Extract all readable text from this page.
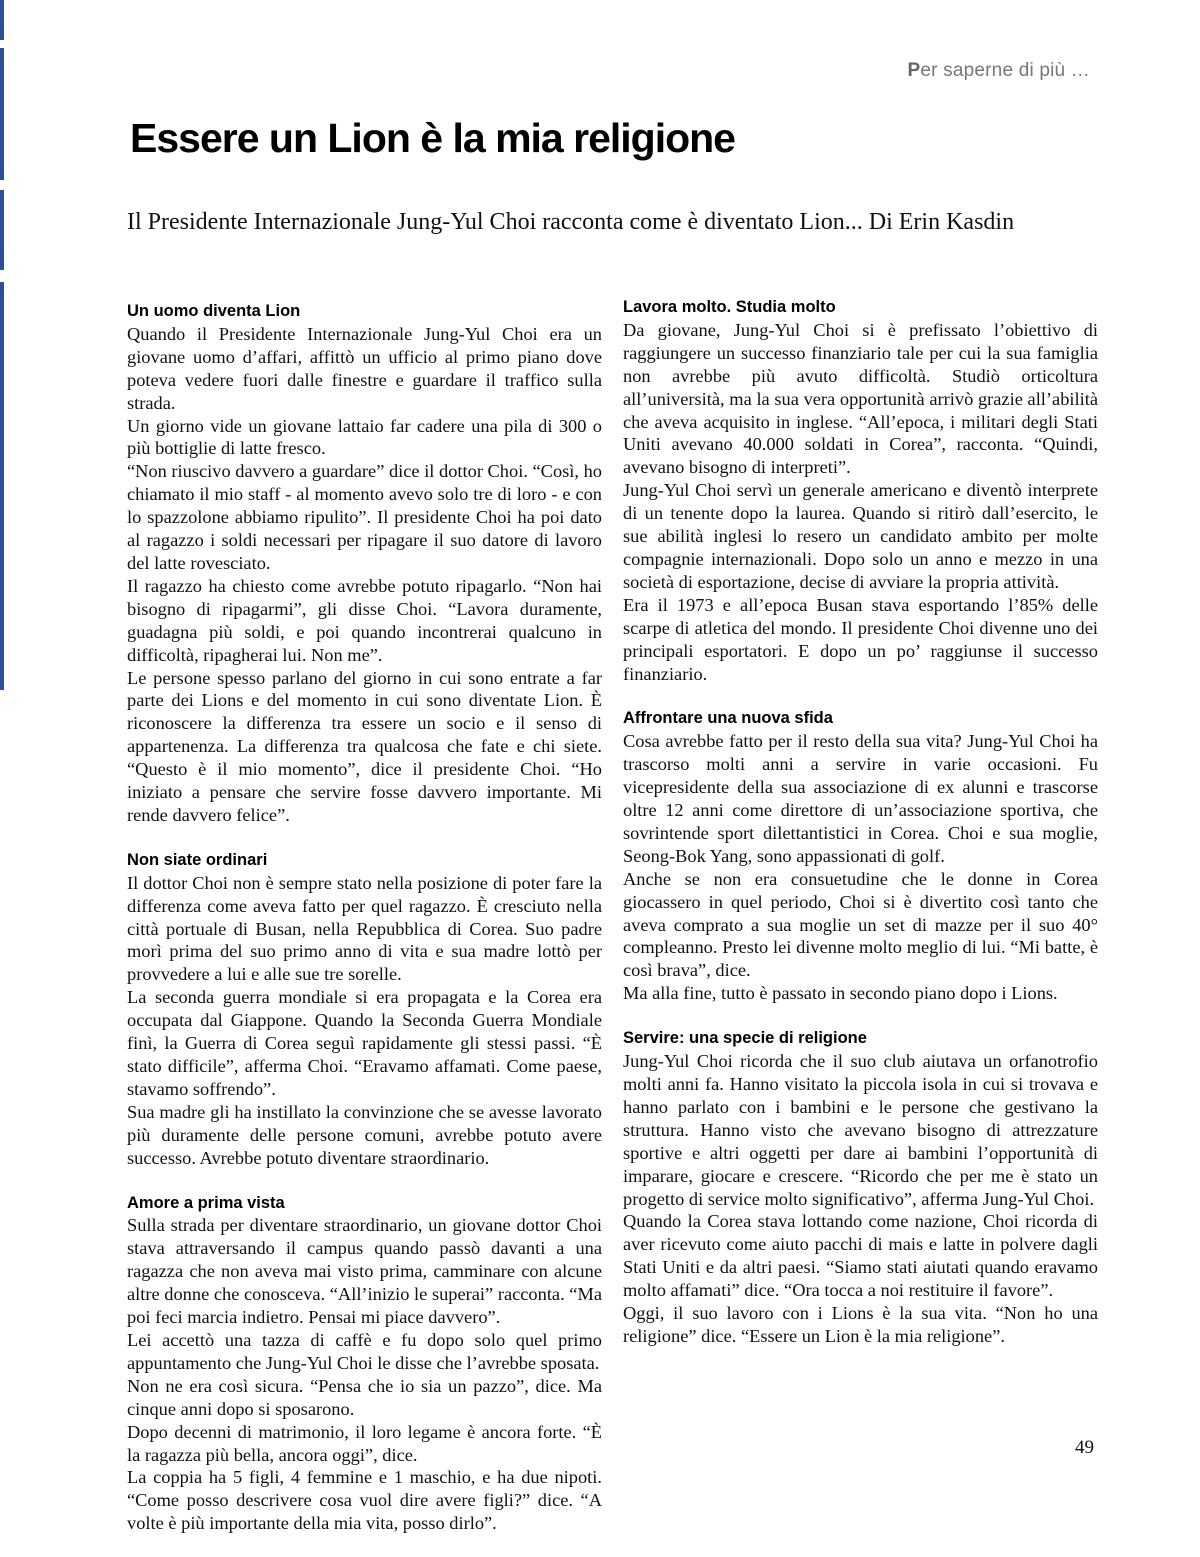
Per saperne di più …
Essere un Lion è la mia religione
Il Presidente Internazionale Jung-Yul Choi racconta come è diventato Lion... Di Erin Kasdin
Un uomo diventa Lion

Quando il Presidente Internazionale Jung-Yul Choi era un giovane uomo d’affari, affittò un ufficio al primo piano dove poteva vedere fuori dalle finestre e guardare il traffico sulla strada.

Un giorno vide un giovane lattaio far cadere una pila di 300 o più bottiglie di latte fresco.

“Non riuscivo davvero a guardare” dice il dottor Choi. “Così, ho chiamato il mio staff - al momento avevo solo tre di loro - e con lo spazzolone abbiamo ripulito”. Il presidente Choi ha poi dato al ragazzo i soldi necessari per ripagare il suo datore di lavoro del latte rovesciato.

Il ragazzo ha chiesto come avrebbe potuto ripagarlo. “Non hai bisogno di ripagarmi”, gli disse Choi. “Lavora duramente, guadagna più soldi, e poi quando incontrerai qualcuno in difficoltà, ripagherai lui. Non me”.

Le persone spesso parlano del giorno in cui sono entrate a far parte dei Lions e del momento in cui sono diventate Lion. È riconoscere la differenza tra essere un socio e il senso di appartenenza. La differenza tra qualcosa che fate e chi siete. “Questo è il mio momento”, dice il presidente Choi. “Ho iniziato a pensare che servire fosse davvero importante. Mi rende davvero felice”.

Non siate ordinari

Il dottor Choi non è sempre stato nella posizione di poter fare la differenza come aveva fatto per quel ragazzo. È cresciuto nella città portuale di Busan, nella Repubblica di Corea. Suo padre morì prima del suo primo anno di vita e sua madre lottò per provvedere a lui e alle sue tre sorelle.

La seconda guerra mondiale si era propagata e la Corea era occupata dal Giappone. Quando la Seconda Guerra Mondiale finì, la Guerra di Corea seguì rapidamente gli stessi passi. “È stato difficile”, afferma Choi. “Eravamo affamati. Come paese, stavamo soffrendo”.

Sua madre gli ha instillato la convinzione che se avesse lavorato più duramente delle persone comuni, avrebbe potuto avere successo. Avrebbe potuto diventare straordinario.

Amore a prima vista

Sulla strada per diventare straordinario, un giovane dottor Choi stava attraversando il campus quando passò davanti a una ragazza che non aveva mai visto prima, camminare con alcune altre donne che conosceva. “All’inizio le superai” racconta. “Ma poi feci marcia indietro. Pensai mi piace davvero”.

Lei accettò una tazza di caffè e fu dopo solo quel primo appuntamento che Jung-Yul Choi le disse che l’avrebbe sposata.

Non ne era così sicura. “Pensa che io sia un pazzo”, dice. Ma cinque anni dopo si sposarono.

Dopo decenni di matrimonio, il loro legame è ancora forte. “È la ragazza più bella, ancora oggi”, dice.

La coppia ha 5 figli, 4 femmine e 1 maschio, e ha due nipoti. “Come posso descrivere cosa vuol dire avere figli?” dice. “A volte è più importante della mia vita, posso dirlo”.

Lavora molto. Studia molto

Da giovane, Jung-Yul Choi si è prefissato l’obiettivo di raggiungere un successo finanziario tale per cui la sua famiglia non avrebbe più avuto difficoltà. Studiò orticoltura all’università, ma la sua vera opportunità arrivò grazie all’abilità che aveva acquisito in inglese. “All’epoca, i militari degli Stati Uniti avevano 40.000 soldati in Corea”, racconta. “Quindi, avevano bisogno di interpreti”.

Jung-Yul Choi servì un generale americano e diventò interprete di un tenente dopo la laurea. Quando si ritirò dall’esercito, le sue abilità inglesi lo resero un candidato ambito per molte compagnie internazionali. Dopo solo un anno e mezzo in una società di esportazione, decise di avviare la propria attività.

Era il 1973 e all’epoca Busan stava esportando l’85% delle scarpe di atletica del mondo. Il presidente Choi divenne uno dei principali esportatori. E dopo un po’ raggiunse il successo finanziario.

Affrontare una nuova sfida

Cosa avrebbe fatto per il resto della sua vita? Jung-Yul Choi ha trascorso molti anni a servire in varie occasioni. Fu vicepresidente della sua associazione di ex alunni e trascorse oltre 12 anni come direttore di un’associazione sportiva, che sovrintende sport dilettantistici in Corea. Choi e sua moglie, Seong-Bok Yang, sono appassionati di golf.

Anche se non era consuetudine che le donne in Corea giocassero in quel periodo, Choi si è divertito così tanto che aveva comprato a sua moglie un set di mazze per il suo 40° compleanno. Presto lei divenne molto meglio di lui. “Mi batte, è così brava”, dice.

Ma alla fine, tutto è passato in secondo piano dopo i Lions.

Servire: una specie di religione

Jung-Yul Choi ricorda che il suo club aiutava un orfanotrofio molti anni fa. Hanno visitato la piccola isola in cui si trovava e hanno parlato con i bambini e le persone che gestivano la struttura. Hanno visto che avevano bisogno di attrezzature sportive e altri oggetti per dare ai bambini l’opportunità di imparare, giocare e crescere. “Ricordo che per me è stato un progetto di service molto significativo”, afferma Jung-Yul Choi.

Quando la Corea stava lottando come nazione, Choi ricorda di aver ricevuto come aiuto pacchi di mais e latte in polvere dagli Stati Uniti e da altri paesi. “Siamo stati aiutati quando eravamo molto affamati” dice. “Ora tocca a noi restituire il favore”.

Oggi, il suo lavoro con i Lions è la sua vita. “Non ho una religione” dice. “Essere un Lion è la mia religione”.

49
